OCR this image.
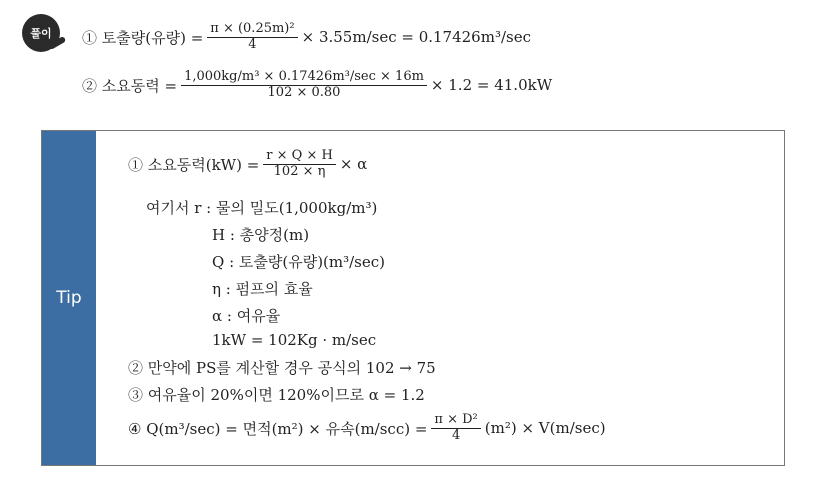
풀이 ① 토출량(유량) = $\frac{\text{π × (0.25m)²}}{4} \times 3.55m/\sec = 0.17426m^3/\sec$
② 소요동력 = $\frac{\text{1,000kg/m³ × 0.17426m³/sec × 16m}}{102 \times 0.80} \times 1.2 = 41.0kW$
Tip
① 소요동력$(kW) = \frac{r \times Q \times H}{102 \times \eta} \times \alpha$
여기서 r : 물의 밀도(1,000kg/m³)
H : 총양정(m)
Q : 토출량(유량)(m³/sec)
η : 펌프의 효율
α : 여유율
1kW = 102Kg · m/sec
② 만약에 PS를 계산할 경우 공식의 102 → 75
③ 여유율이 20%이면 120%이므로 α = 1.2
④ Q(m³/sec) = 면적(m²) × 유속$(m/scc) = \frac{\text{π × D²}}{4} (m^2) \times V(m/\sec)$
